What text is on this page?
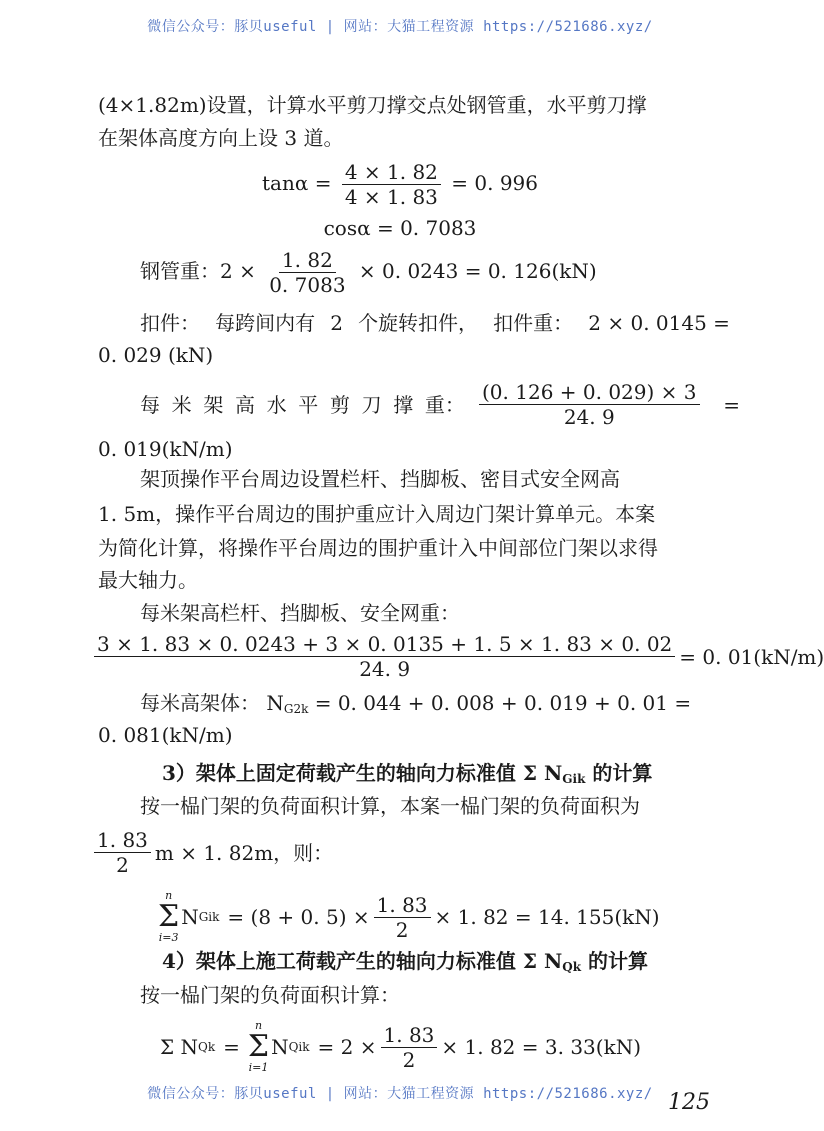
微信公众号：豚贝useful | 网站：大猫工程资源 https://521686.xyz/
(4×1.82m)设置，计算水平剪刀撑交点处钢管重，水平剪刀撑
在架体高度方向上设 3 道。
$\tan\alpha = \frac{4 \times 1. 82}{4 \times 1. 83} = 0$. 996
cosα = 0. 7083
钢管重：$2 \times \frac{1. 82}{0. 7083} \times 0$. 0243 = 0. 126(kN)
扣件： 每跨间内有 2 个旋转扣件， 扣件重： 2 × 0. 0145 =
0. 029 (kN)
每 米 架 高 水 平 剪 刀 撑 重： $\frac{(0. 126 + 0. 029) \times 3}{24. 9}$ =
0. 019(kN/m)
架顶操作平台周边设置栏杆、挡脚板、密目式安全网高
1. 5m，操作平台周边的围护重应计入周边门架计算单元。本案
为简化计算，将操作平台周边的围护重计入中间部位门架以求得
最大轴力。
每米架高栏杆、挡脚板、安全网重：
$\frac{3 \times 1. 83 \times 0. 0243 + 3 \times 0. 0135 + 1. 5 \times 1. 83 \times 0. 02}{24. 9} = 0$. 01(kN/m)
每米高架体： $N_{G2k} = 0$. 044 + 0. 008 + 0. 019 + 0. 01 =
0. 081(kN/m)
3）架体上固定荷载产生的轴向力标准值 Σ $N_{Gik}$ 的计算
按一榀门架的负荷面积计算，本案一榀门架的负荷面积为
$\frac{1. 83}{2}$ m × 1. 82m，则：
n
Σ
i=3
N Gik = (8 + 0. $5) \times \frac{1. 83}{2} \times 1$. 82 = 14. 155(kN)
4）架体上施工荷载产生的轴向力标准值 Σ $N_{Qk}$ 的计算
按一榀门架的负荷面积计算：
Σ N Qk =
n
Σ
i=1
N Qik = $2 \times \frac{1. 83}{2} \times 1$. 82 = 3. 33(kN)
微信公众号：豚贝useful | 网站：大猫工程资源 https://521686.xyz/ 125
